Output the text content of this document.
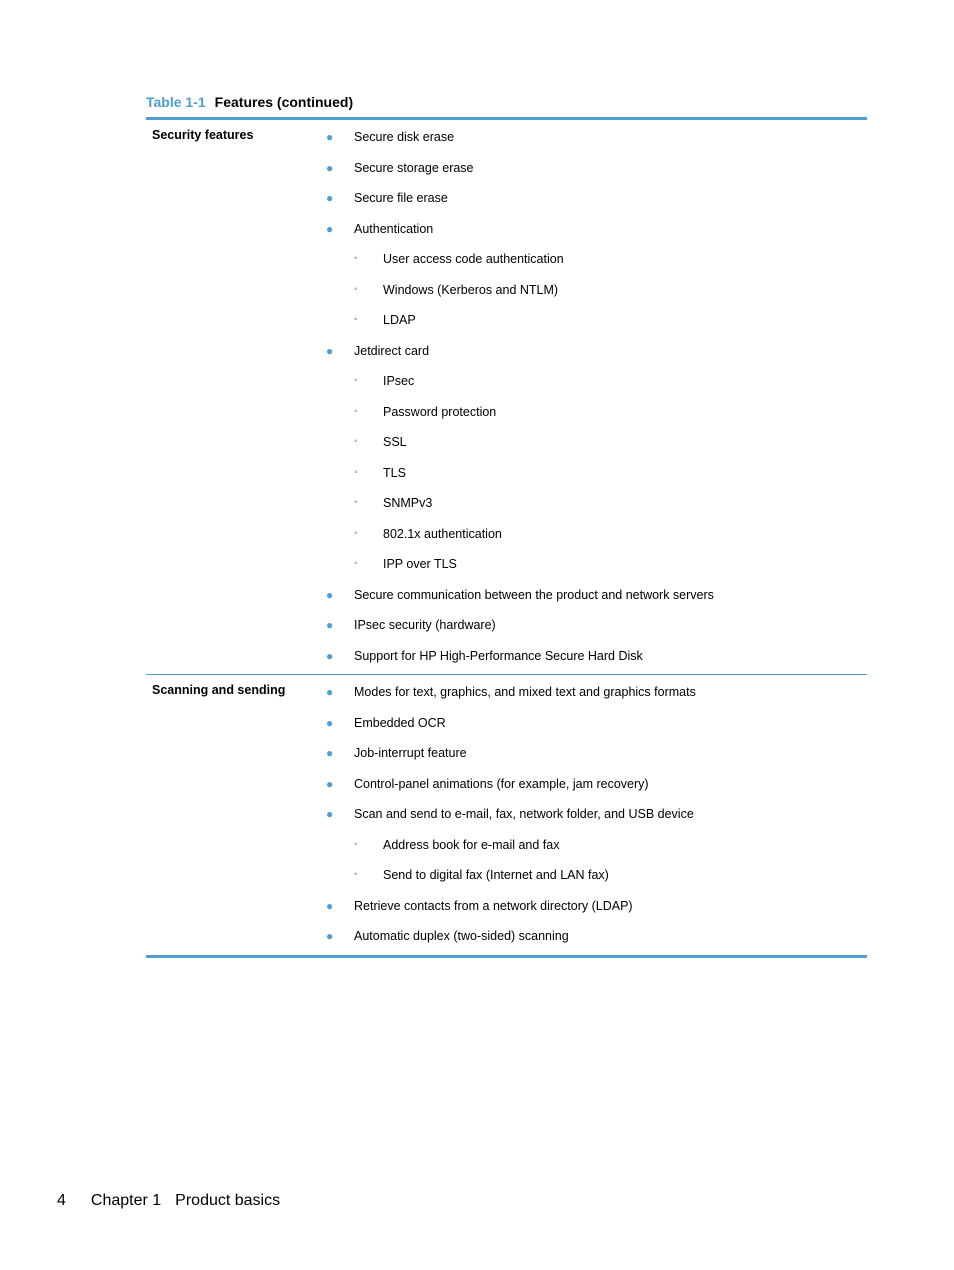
Table 1-1 Features (continued)
Security features	● Secure disk erase
● Secure storage erase
● Secure file erase
● Authentication
◦ User access code authentication
◦ Windows (Kerberos and NTLM)
◦ LDAP
● Jetdirect card
◦ IPsec
◦ Password protection
◦ SSL
◦ TLS
◦ SNMPv3
◦ 802.1x authentication
◦ IPP over TLS
● Secure communication between the product and network servers
● IPsec security (hardware)
● Support for HP High-Performance Secure Hard Disk
Scanning and sending	● Modes for text, graphics, and mixed text and graphics formats
● Embedded OCR
● Job-interrupt feature
● Control-panel animations (for example, jam recovery)
● Scan and send to e-mail, fax, network folder, and USB device
◦ Address book for e-mail and fax
◦ Send to digital fax (Internet and LAN fax)
● Retrieve contacts from a network directory (LDAP)
● Automatic duplex (two-sided) scanning
4 Chapter 1 Product basics
